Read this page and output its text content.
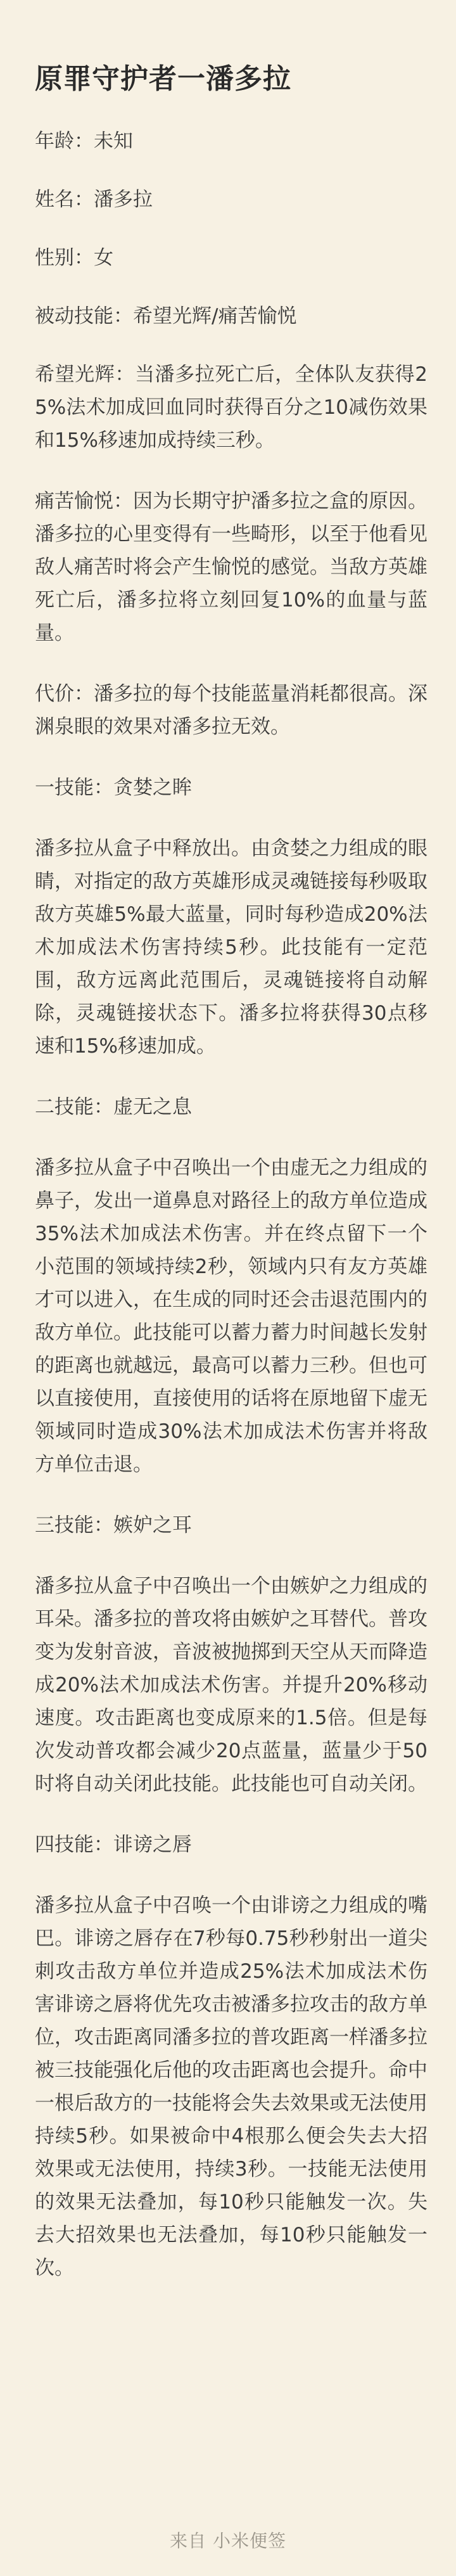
原罪守护者一潘多拉

年龄：未知

姓名：潘多拉

性别：女

被动技能：希望光辉/痛苦愉悦

希望光辉：当潘多拉死亡后，全体队友获得25%法术加成回血同时获得百分之10减伤效果和15%移速加成持续三秒。

痛苦愉悦：因为长期守护潘多拉之盒的原因。潘多拉的心里变得有一些畸形，以至于他看见敌人痛苦时将会产生愉悦的感觉。当敌方英雄死亡后，潘多拉将立刻回复10%的血量与蓝量。

代价：潘多拉的每个技能蓝量消耗都很高。深渊泉眼的效果对潘多拉无效。

一技能：贪婪之眸

潘多拉从盒子中释放出。由贪婪之力组成的眼睛，对指定的敌方英雄形成灵魂链接每秒吸取敌方英雄5%最大蓝量，同时每秒造成20%法术加成法术伤害持续5秒。此技能有一定范围，敌方远离此范围后，灵魂链接将自动解除，灵魂链接状态下。潘多拉将获得30点移速和15%移速加成。

二技能：虚无之息

潘多拉从盒子中召唤出一个由虚无之力组成的鼻子，发出一道鼻息对路径上的敌方单位造成35%法术加成法术伤害。并在终点留下一个小范围的领域持续2秒，领域内只有友方英雄才可以进入，在生成的同时还会击退范围内的敌方单位。此技能可以蓄力蓄力时间越长发射的距离也就越远，最高可以蓄力三秒。但也可以直接使用，直接使用的话将在原地留下虚无领域同时造成30%法术加成法术伤害并将敌方单位击退。

三技能：嫉妒之耳

潘多拉从盒子中召唤出一个由嫉妒之力组成的耳朵。潘多拉的普攻将由嫉妒之耳替代。普攻变为发射音波，音波被抛掷到天空从天而降造成20%法术加成法术伤害。并提升20%移动速度。攻击距离也变成原来的1.5倍。但是每次发动普攻都会减少20点蓝量，蓝量少于50时将自动关闭此技能。此技能也可自动关闭。

四技能：诽谤之唇

潘多拉从盒子中召唤一个由诽谤之力组成的嘴巴。诽谤之唇存在7秒每0.75秒秒射出一道尖刺攻击敌方单位并造成25%法术加成法术伤害诽谤之唇将优先攻击被潘多拉攻击的敌方单位，攻击距离同潘多拉的普攻距离一样潘多拉被三技能强化后他的攻击距离也会提升。命中一根后敌方的一技能将会失去效果或无法使用持续5秒。如果被命中4根那么便会失去大招效果或无法使用，持续3秒。一技能无法使用的效果无法叠加，每10秒只能触发一次。失去大招效果也无法叠加，每10秒只能触发一次。

来自 小米便签
